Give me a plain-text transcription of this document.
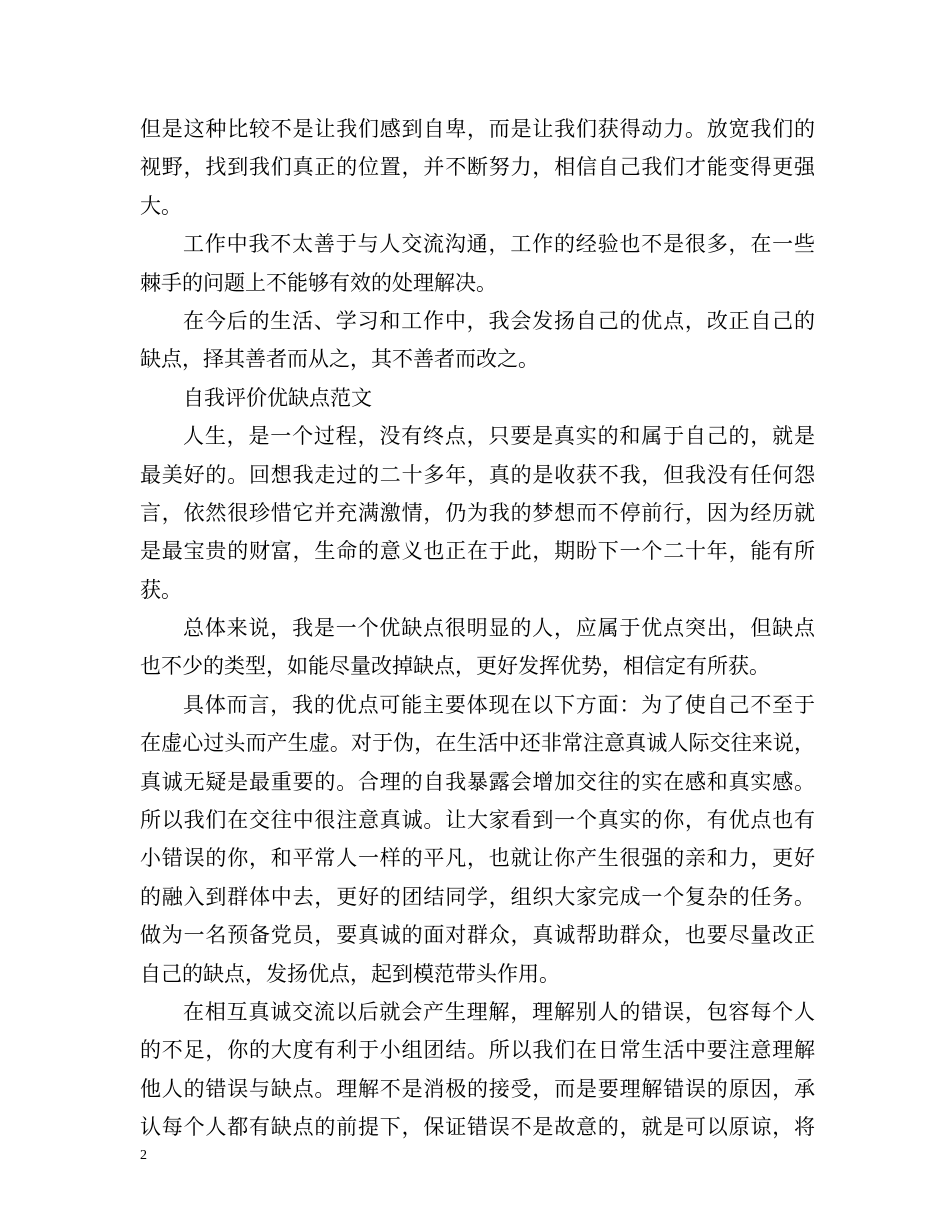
但是这种比较不是让我们感到自卑，而是让我们获得动力。放宽我们的
视野，找到我们真正的位置，并不断努力，相信自己我们才能变得更强
大。
工作中我不太善于与人交流沟通，工作的经验也不是很多，在一些
棘手的问题上不能够有效的处理解决。
在今后的生活、学习和工作中，我会发扬自己的优点，改正自己的
缺点，择其善者而从之，其不善者而改之。
自我评价优缺点范文
人生，是一个过程，没有终点，只要是真实的和属于自己的，就是
最美好的。回想我走过的二十多年，真的是收获不我，但我没有任何怨
言，依然很珍惜它并充满激情，仍为我的梦想而不停前行，因为经历就
是最宝贵的财富，生命的意义也正在于此，期盼下一个二十年，能有所
获。
总体来说，我是一个优缺点很明显的人，应属于优点突出，但缺点
也不少的类型，如能尽量改掉缺点，更好发挥优势，相信定有所获。
具体而言，我的优点可能主要体现在以下方面：为了使自己不至于
在虚心过头而产生虚。对于伪，在生活中还非常注意真诚人际交往来说，
真诚无疑是最重要的。合理的自我暴露会增加交往的实在感和真实感。
所以我们在交往中很注意真诚。让大家看到一个真实的你，有优点也有
小错误的你，和平常人一样的平凡，也就让你产生很强的亲和力，更好
的融入到群体中去，更好的团结同学，组织大家完成一个复杂的任务。
做为一名预备党员，要真诚的面对群众，真诚帮助群众，也要尽量改正
自己的缺点，发扬优点，起到模范带头作用。
在相互真诚交流以后就会产生理解，理解别人的错误，包容每个人
的不足，你的大度有利于小组团结。所以我们在日常生活中要注意理解
他人的错误与缺点。理解不是消极的接受，而是要理解错误的原因，承
认每个人都有缺点的前提下，保证错误不是故意的，就是可以原谅，将
2
